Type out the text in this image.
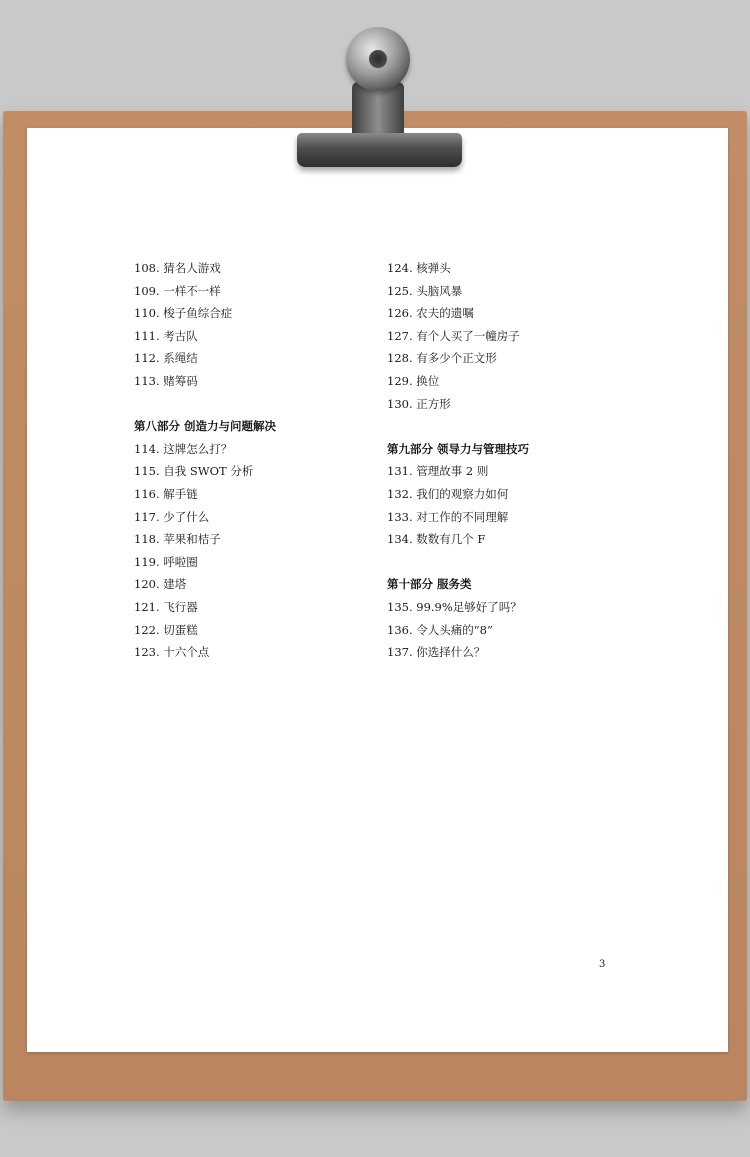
108. 猜名人游戏
109. 一样不一样
110. 梭子鱼综合症
111. 考古队
112. 系绳结
113. 赌筹码
第八部分 创造力与问题解决
114. 这牌怎么打？
115. 自我 SWOT 分析
116. 解手链
117. 少了什么
118. 苹果和桔子
119. 呼啦圈
120. 建塔
121. 飞行器
122. 切蛋糕
123. 十六个点
124. 核弹头
125. 头脑风暴
126. 农夫的遗嘱
127. 有个人买了一幢房子
128. 有多少个正文形
129. 换位
130. 正方形
第九部分 领导力与管理技巧
131. 管理故事 2 则
132. 我们的观察力如何
133. 对工作的不同理解
134. 数数有几个 F
第十部分 服务类
135. 99.9%足够好了吗？
136. 令人头痛的“8”
137. 你选择什么？
3
